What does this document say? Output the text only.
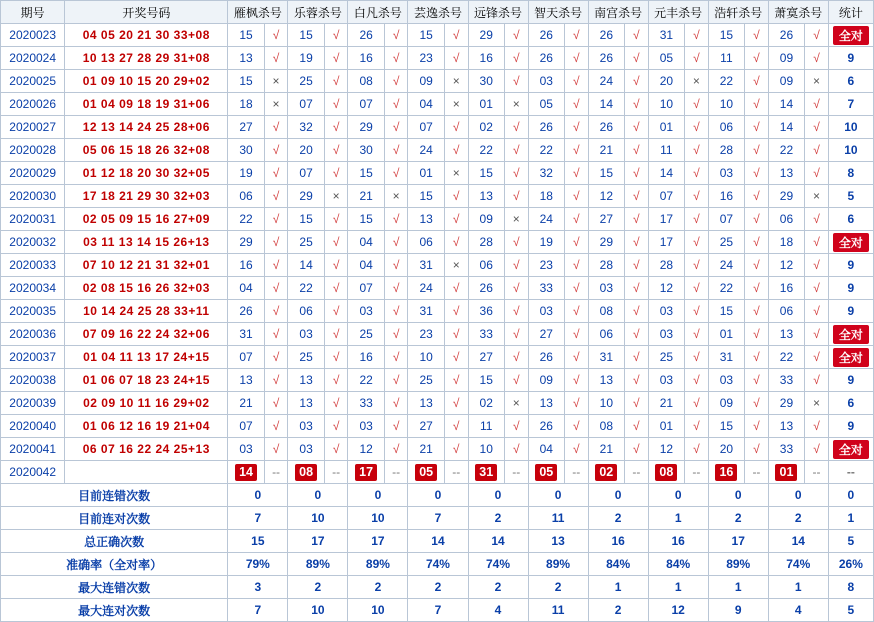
期号	开奖号码	雁枫杀号		乐蓉杀号		白凡杀号		芸逸杀号		远锋杀号		智天杀号		南宫杀号		元丰杀号		浩轩杀号		萧寞杀号		统计
2020023	04 05 20 21 30 33+08	15	√	15	√	26	√	15	√	29	√	26	√	26	√	31	√	15	√	26	√	全对
2020024	10 13 27 28 29 31+08	13	√	19	√	16	√	23	√	16	√	26	√	26	√	05	√	11	√	09	√	9
2020025	01 09 10 15 20 29+02	15	×	25	√	08	√	09	×	30	√	03	√	24	√	20	×	22	√	09	×	6
2020026	01 04 09 18 19 31+06	18	×	07	√	07	√	04	×	01	×	05	√	14	√	10	√	10	√	14	√	7
2020027	12 13 14 24 25 28+06	27	√	32	√	29	√	07	√	02	√	26	√	26	√	01	√	06	√	14	√	10
2020028	05 06 15 18 26 32+08	30	√	20	√	30	√	24	√	22	√	22	√	21	√	11	√	28	√	22	√	10
2020029	01 12 18 20 30 32+05	19	√	07	√	15	√	01	×	15	√	32	√	15	√	14	√	03	√	13	√	8
2020030	17 18 21 29 30 32+03	06	√	29	×	21	×	15	√	13	√	18	√	12	√	07	√	16	√	29	×	5
2020031	02 05 09 15 16 27+09	22	√	15	√	15	√	13	√	09	×	24	√	27	√	17	√	07	√	06	√	6
2020032	03 11 13 14 15 26+13	29	√	25	√	04	√	06	√	28	√	19	√	29	√	17	√	25	√	18	√	全对
2020033	07 10 12 21 31 32+01	16	√	14	√	04	√	31	×	06	√	23	√	28	√	28	√	24	√	12	√	9
2020034	02 08 15 16 26 32+03	04	√	22	√	07	√	24	√	26	√	33	√	03	√	12	√	22	√	16	√	9
2020035	10 14 24 25 28 33+11	26	√	06	√	03	√	31	√	36	√	03	√	08	√	03	√	15	√	06	√	9
2020036	07 09 16 22 24 32+06	31	√	03	√	25	√	23	√	33	√	27	√	06	√	03	√	01	√	13	√	全对
2020037	01 04 11 13 17 24+15	07	√	25	√	16	√	10	√	27	√	26	√	31	√	25	√	31	√	22	√	全对
2020038	01 06 07 18 23 24+15	13	√	13	√	22	√	25	√	15	√	09	√	13	√	03	√	03	√	33	√	9
2020039	02 09 10 11 16 29+02	21	√	13	√	33	√	13	√	02	×	13	√	10	√	21	√	09	√	29	×	6
2020040	01 06 12 16 19 21+04	07	√	03	√	03	√	27	√	11	√	26	√	08	√	01	√	15	√	13	√	9
2020041	06 07 16 22 24 25+13	03	√	03	√	12	√	21	√	10	√	04	√	21	√	12	√	20	√	33	√	全对
2020042	当前期杀号	14	--	08	--	17	--	05	--	31	--	05	--	02	--	08	--	16	--	01	--	--
目前连错次数		0		0		0		0		0		0		0		0		0		0		0
目前连对次数		7		10		10		7		2		11		2		1		2		2		1
总正确次数		15		17		17		14		14		13		16		16		17		14		5
准确率（全对率）		79%		89%		89%		74%		74%		89%		84%		84%		89%		74%		26%
最大连错次数		3		2		2		2		2		2		1		1		1		1		8
最大连对次数		7		10		10		7		4		11		2		12		9		4		5
